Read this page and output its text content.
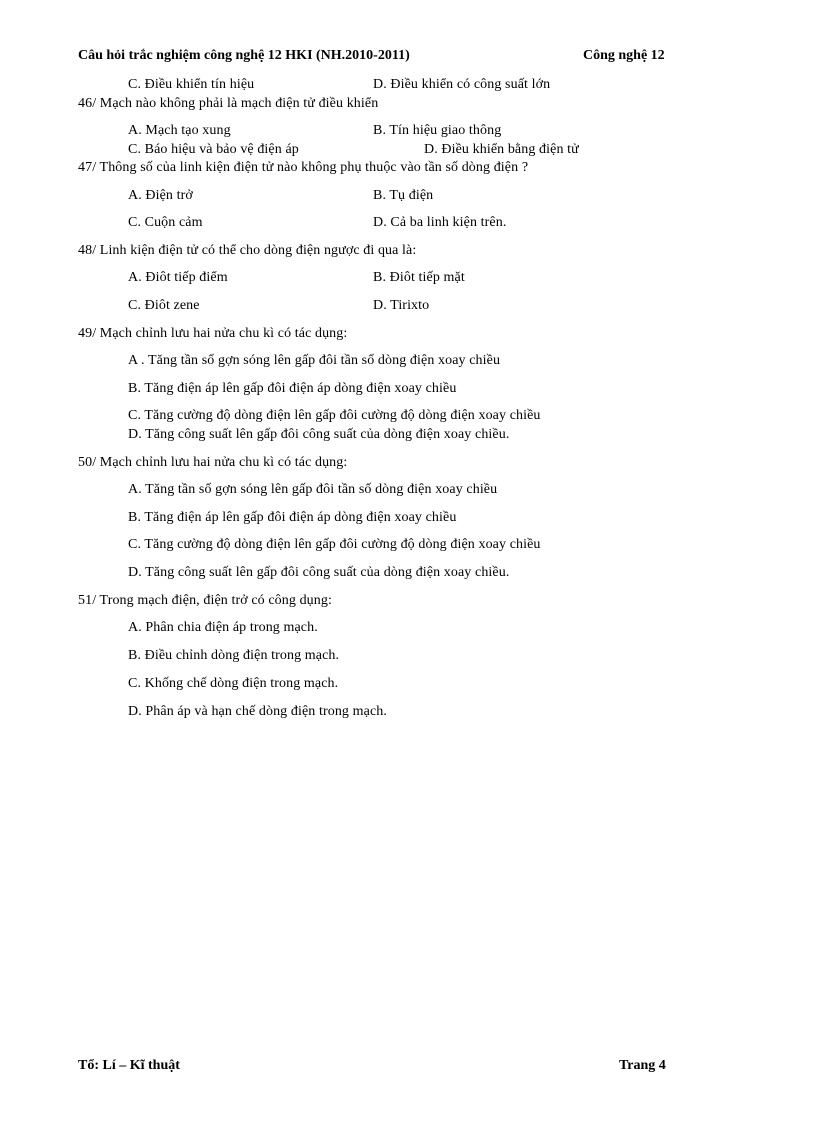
Câu hỏi trắc nghiệm công nghệ 12 HKI (NH.2010-2011)	Công nghệ 12
C. Điều khiển tín hiệu	D. Điều khiển có công suất lớn
46/ Mạch nào không phải là mạch điện tử điều khiển
A. Mạch tạo xung	B. Tín hiệu giao thông
C. Báo hiệu và bảo vệ điện áp	D. Điều khiển bằng điện tử
47/ Thông số của linh kiện điện tử nào không phụ thuộc vào tần số dòng điện ?
A. Điện trở	B. Tụ điện
C. Cuộn cảm	D. Cả ba linh kiện trên.
48/ Linh kiện điện tử có thể cho dòng điện ngược đi qua là:
A. Điôt tiếp điểm	B. Điôt tiếp mặt
C. Điôt zene	D. Tirixto
49/ Mạch chỉnh lưu hai nửa chu kì có tác dụng:
A . Tăng tần số gợn sóng lên gấp đôi tần số dòng điện xoay chiều
B. Tăng điện áp lên gấp đôi điện áp dòng điện xoay chiều
C. Tăng cường độ dòng điện lên gấp đôi cường độ dòng điện xoay chiều
D. Tăng công suất lên gấp đôi công suất của dòng điện xoay chiều.
50/ Mạch chỉnh lưu hai nửa chu kì có tác dụng:
A. Tăng tần số gợn sóng lên gấp đôi tần số dòng điện xoay chiều
B. Tăng điện áp lên gấp đôi điện áp dòng điện xoay chiều
C. Tăng cường độ dòng điện lên gấp đôi cường độ dòng điện xoay chiều
D. Tăng công suất lên gấp đôi công suất của dòng điện xoay chiều.
51/ Trong mạch điện, điện trở có công dụng:
A. Phân chia điện áp trong mạch.
B. Điều chỉnh dòng điện trong mạch.
C. Khống chế dòng điện trong mạch.
D. Phân áp và hạn chế dòng điện trong mạch.
Tổ: Lí – Kĩ thuật	Trang 4
